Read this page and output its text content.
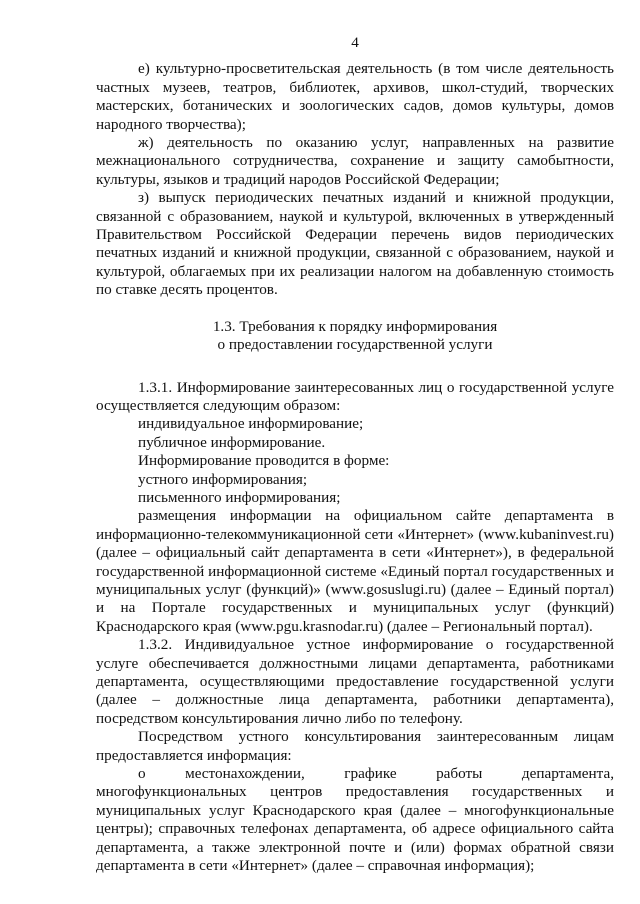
4

е) культурно-просветительская деятельность (в том числе деятельность частных музеев, театров, библиотек, архивов, школ-студий, творческих мастерских, ботанических и зоологических садов, домов культуры, домов народного творчества);

ж) деятельность по оказанию услуг, направленных на развитие межнационального сотрудничества, сохранение и защиту самобытности, культуры, языков и традиций народов Российской Федерации;

з) выпуск периодических печатных изданий и книжной продукции, связанной с образованием, наукой и культурой, включенных в утвержденный Правительством Российской Федерации перечень видов периодических печатных изданий и книжной продукции, связанной с образованием, наукой и культурой, облагаемых при их реализации налогом на добавленную стоимость по ставке десять процентов.

1.3. Требования к порядку информирования

о предоставлении государственной услуги

1.3.1. Информирование заинтересованных лиц о государственной услуге осуществляется следующим образом:

индивидуальное информирование;

публичное информирование.

Информирование проводится в форме:

устного информирования;

письменного информирования;

размещения информации на официальном сайте департамента в информационно-телекоммуникационной сети «Интернет» (www.kubaninvest.ru) (далее – официальный сайт департамента в сети «Интернет»), в федеральной государственной информационной системе «Единый портал государственных и муниципальных услуг (функций)» (www.gosuslugi.ru) (далее – Единый портал) и на Портале государственных и муниципальных услуг (функций) Краснодарского края (www.pgu.krasnodar.ru) (далее – Региональный портал).

1.3.2. Индивидуальное устное информирование о государственной услуге обеспечивается должностными лицами департамента, работниками департамента, осуществляющими предоставление государственной услуги (далее – должностные лица департамента, работники департамента), посредством консультирования лично либо по телефону.

Посредством устного консультирования заинтересованным лицам предоставляется информация:

о местонахождении, графике работы департамента, многофункциональных центров предоставления государственных и муниципальных услуг Краснодарского края (далее – многофункциональные центры); справочных телефонах департамента, об адресе официального сайта департамента, а также электронной почте и (или) формах обратной связи департамента в сети «Интернет» (далее – справочная информация);
